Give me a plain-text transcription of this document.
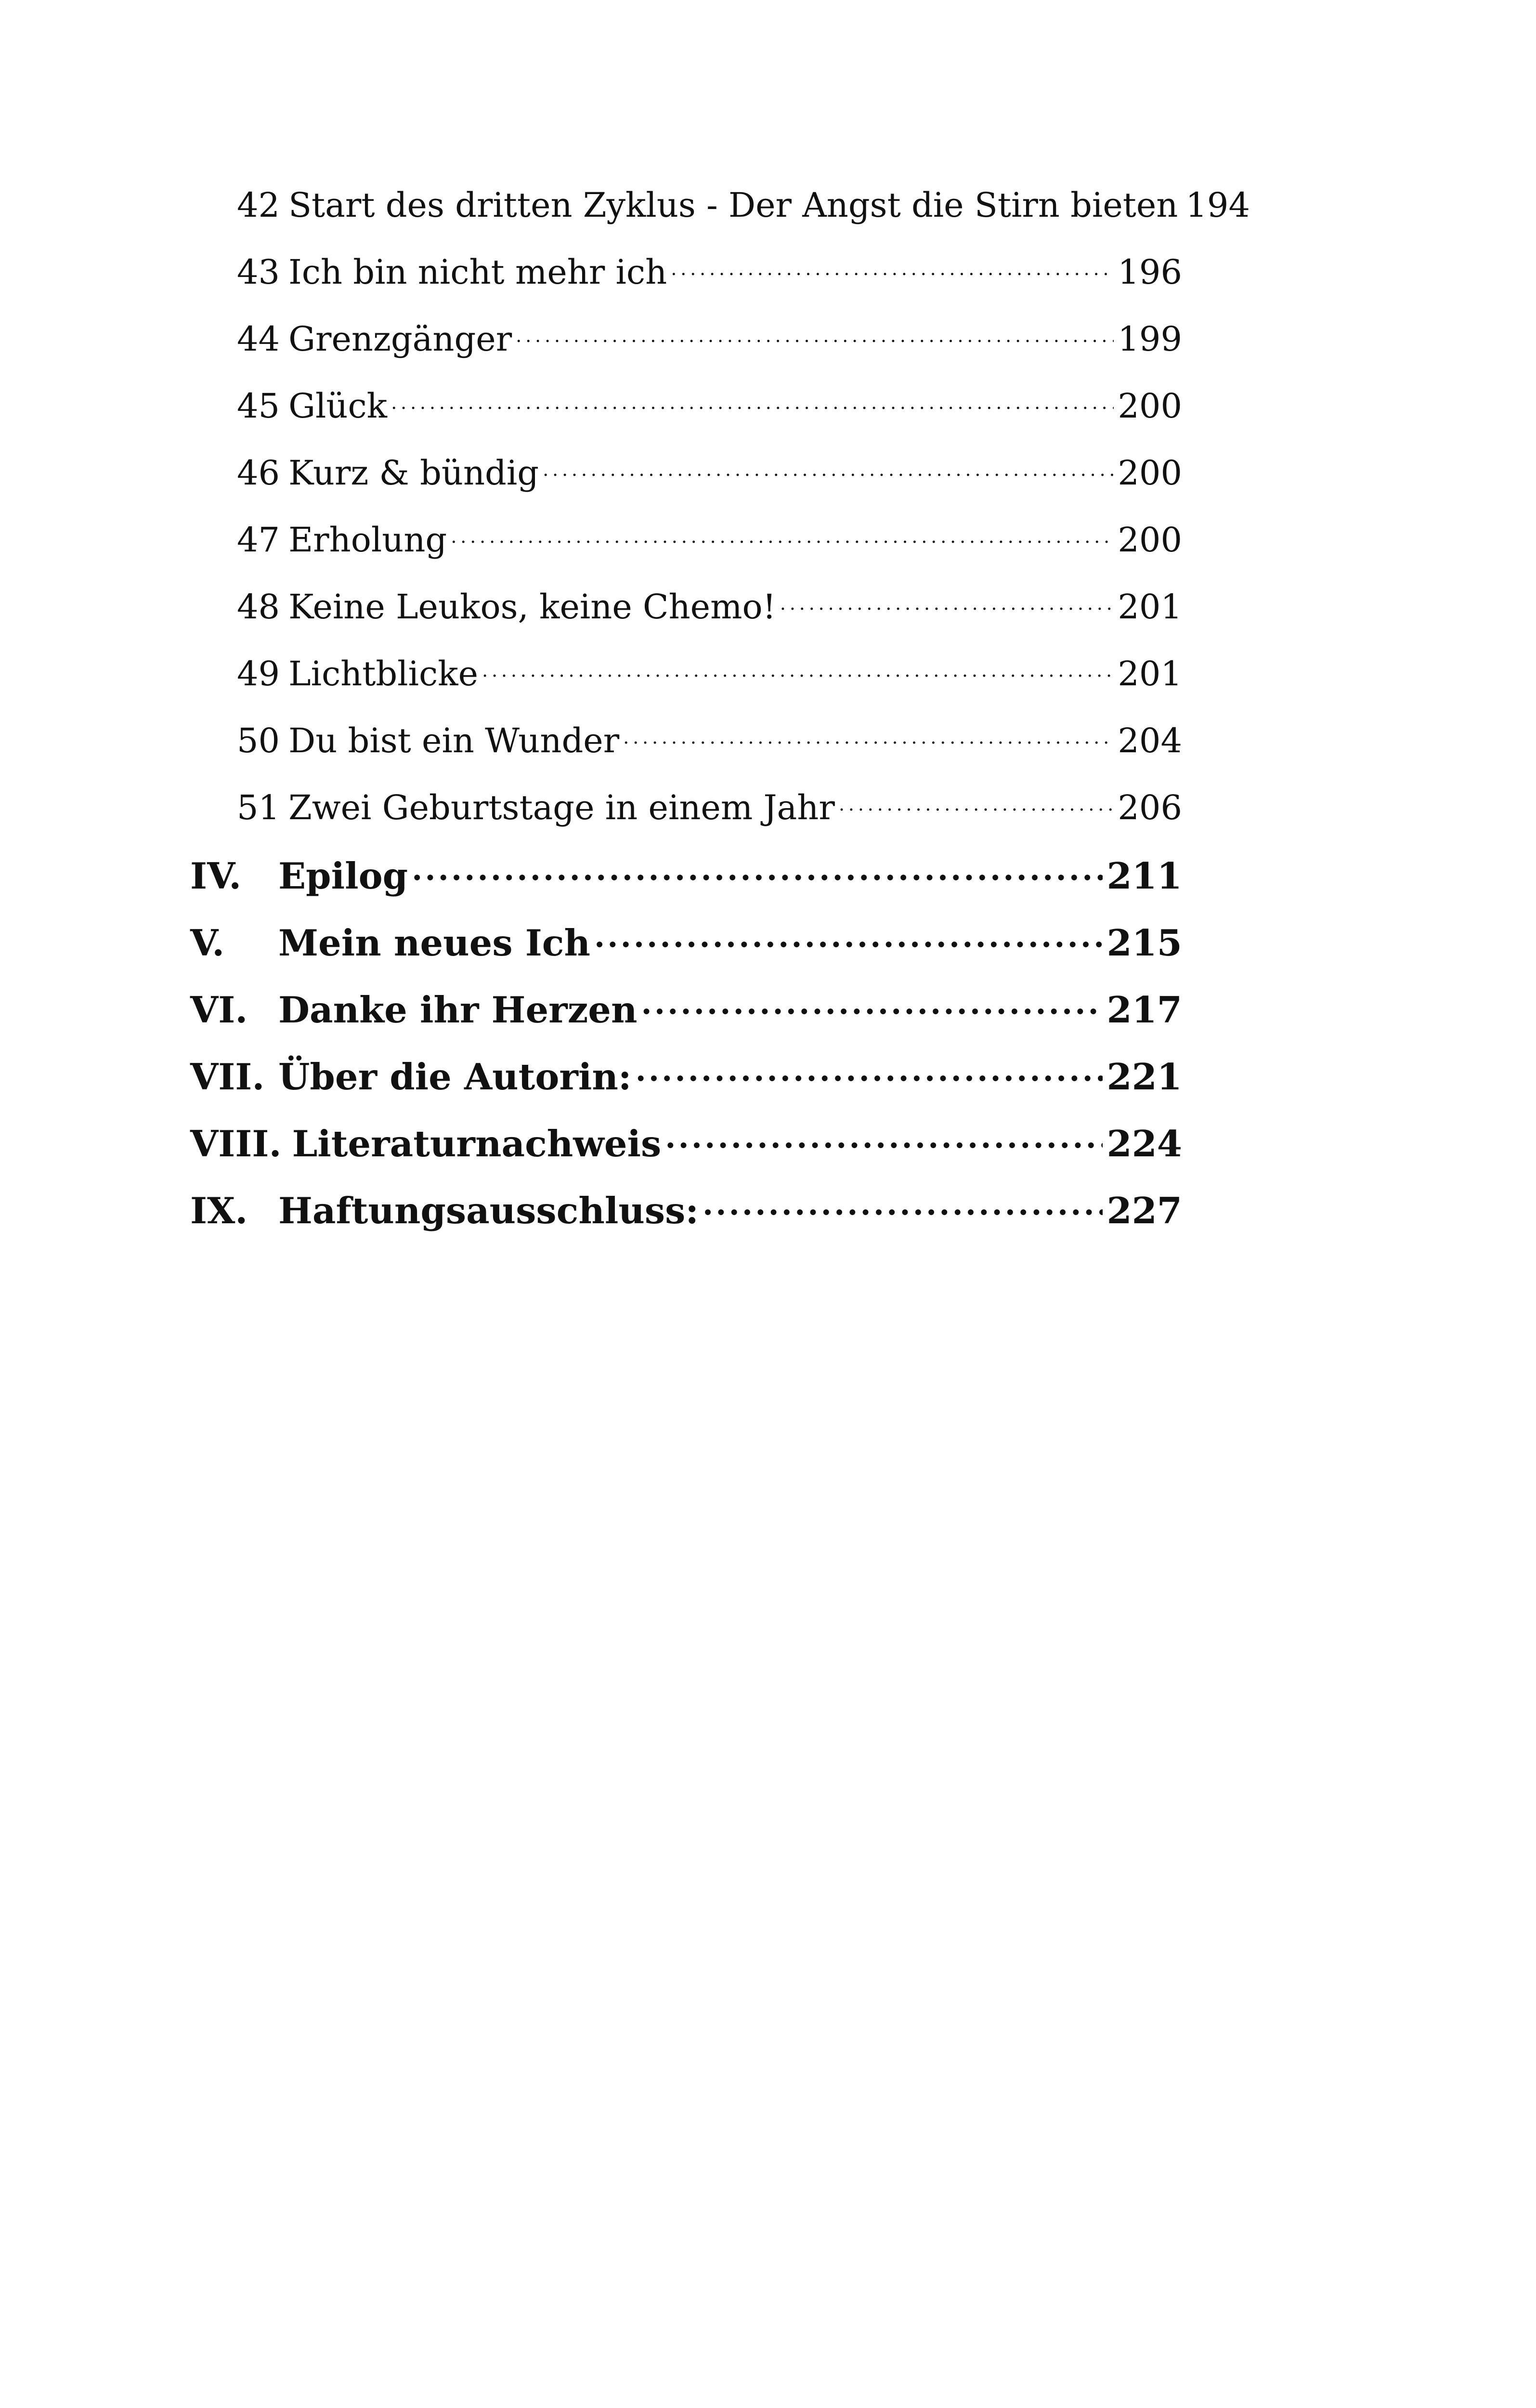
42 Start des dritten Zyklus - Der Angst die Stirn bieten 194
43 Ich bin nicht mehr ich .....	196
44 Grenzgänger .....	199
45 Glück .....	200
46 Kurz & bündig .....	200
47 Erholung .....	200
48 Keine Leukos, keine Chemo! .....	201
49 Lichtblicke .....	201
50 Du bist ein Wunder .....	204
51 Zwei Geburtstage in einem Jahr .....	206
IV.	Epilog .....	211
V.	Mein neues Ich .....	215
VI. Danke ihr Herzen .....	217
VII. Über die Autorin: .....	221
VIII. Literaturnachweis .....	224
IX. Haftungsausschluss: .....	227
